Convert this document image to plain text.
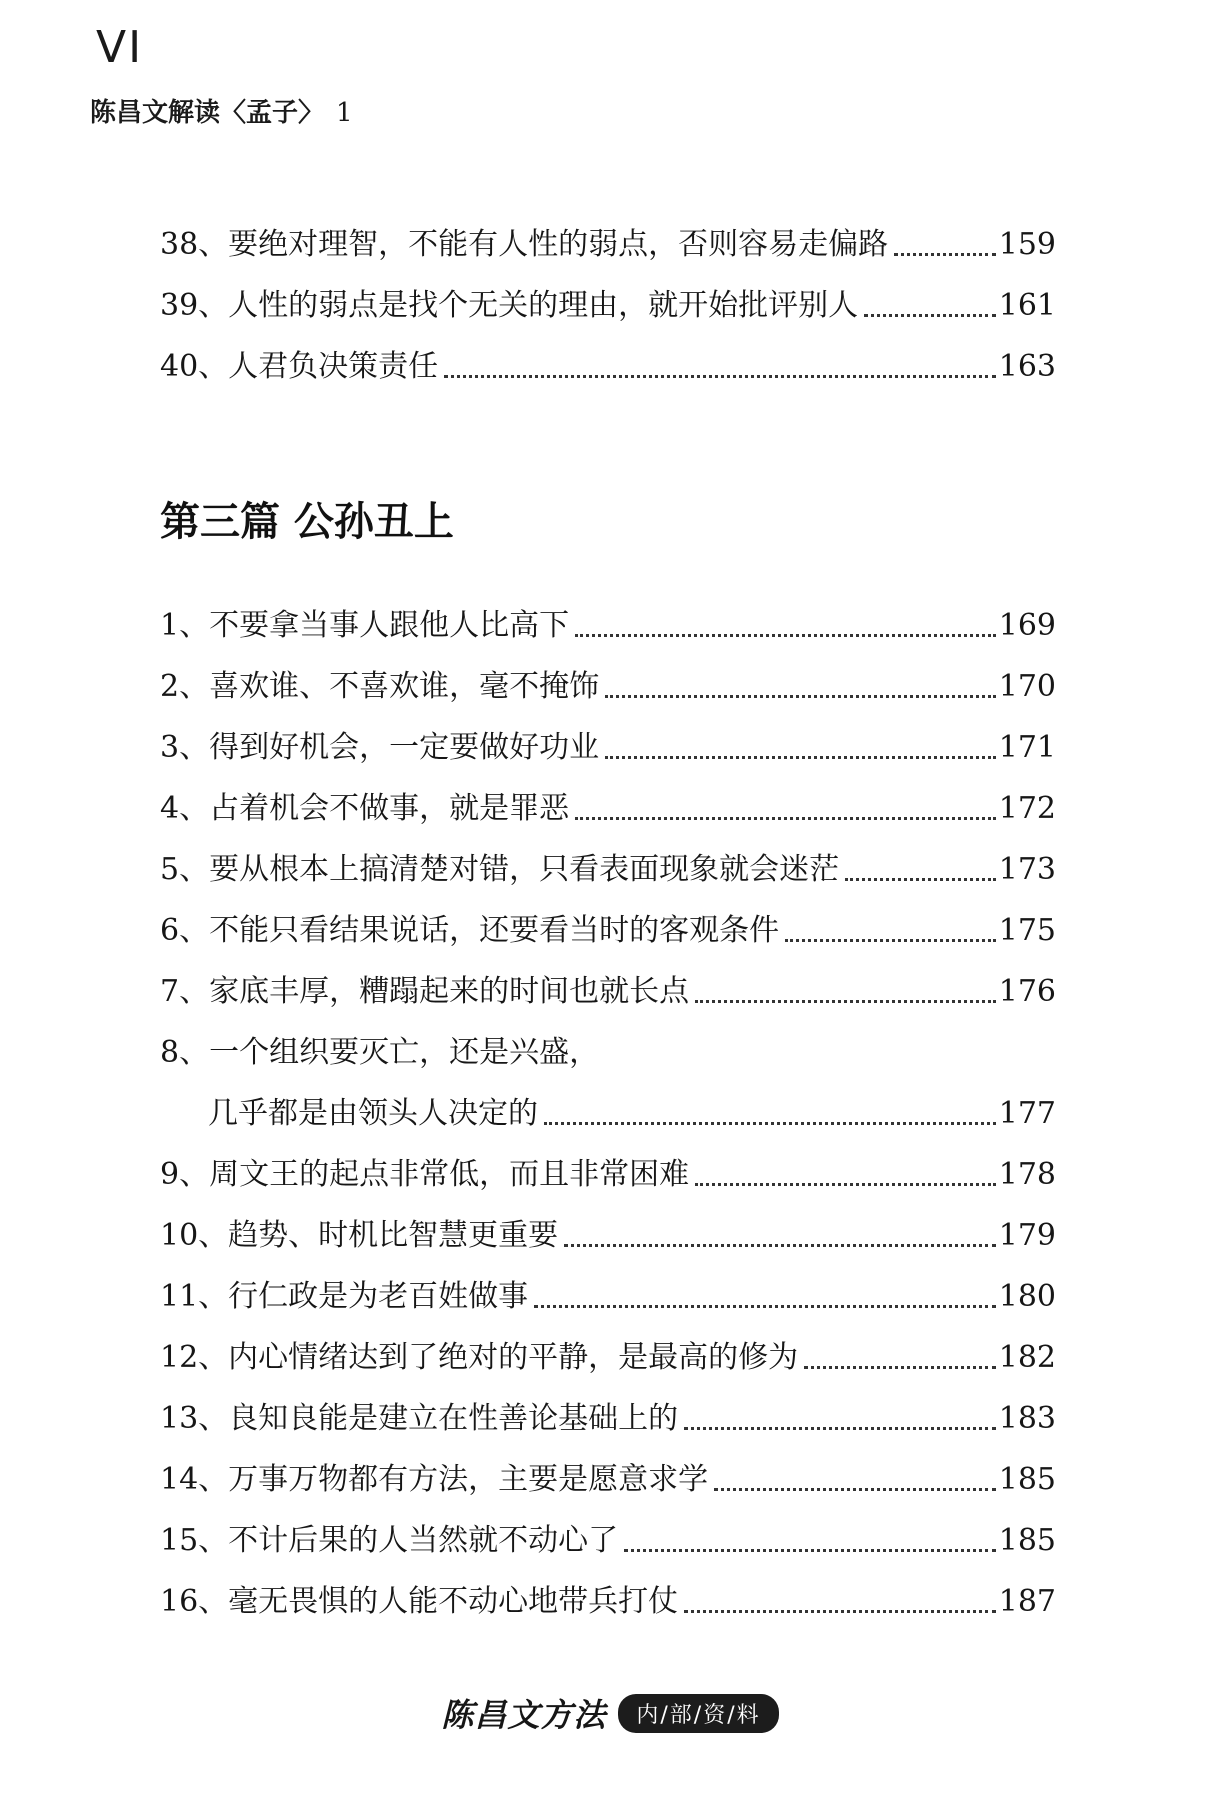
VI
陈昌文解读〈孟子〉 1
38、要绝对理智，不能有人性的弱点，否则容易走偏路	159
39、人性的弱点是找个无关的理由，就开始批评别人	161
40、人君负决策责任	163
第三篇 公孙丑上
1、不要拿当事人跟他人比高下	169
2、喜欢谁、不喜欢谁，毫不掩饰	170
3、得到好机会，一定要做好功业	171
4、占着机会不做事，就是罪恶	172
5、要从根本上搞清楚对错，只看表面现象就会迷茫	173
6、不能只看结果说话，还要看当时的客观条件	175
7、家底丰厚，糟蹋起来的时间也就长点	176
8、一个组织要灭亡，还是兴盛，
几乎都是由领头人决定的	177
9、周文王的起点非常低，而且非常困难	178
10、趋势、时机比智慧更重要	179
11、行仁政是为老百姓做事	180
12、内心情绪达到了绝对的平静，是最高的修为	182
13、良知良能是建立在性善论基础上的	183
14、万事万物都有方法，主要是愿意求学	185
15、不计后果的人当然就不动心了	185
16、毫无畏惧的人能不动心地带兵打仗	187
陈昌文方法	内/部/资/料
